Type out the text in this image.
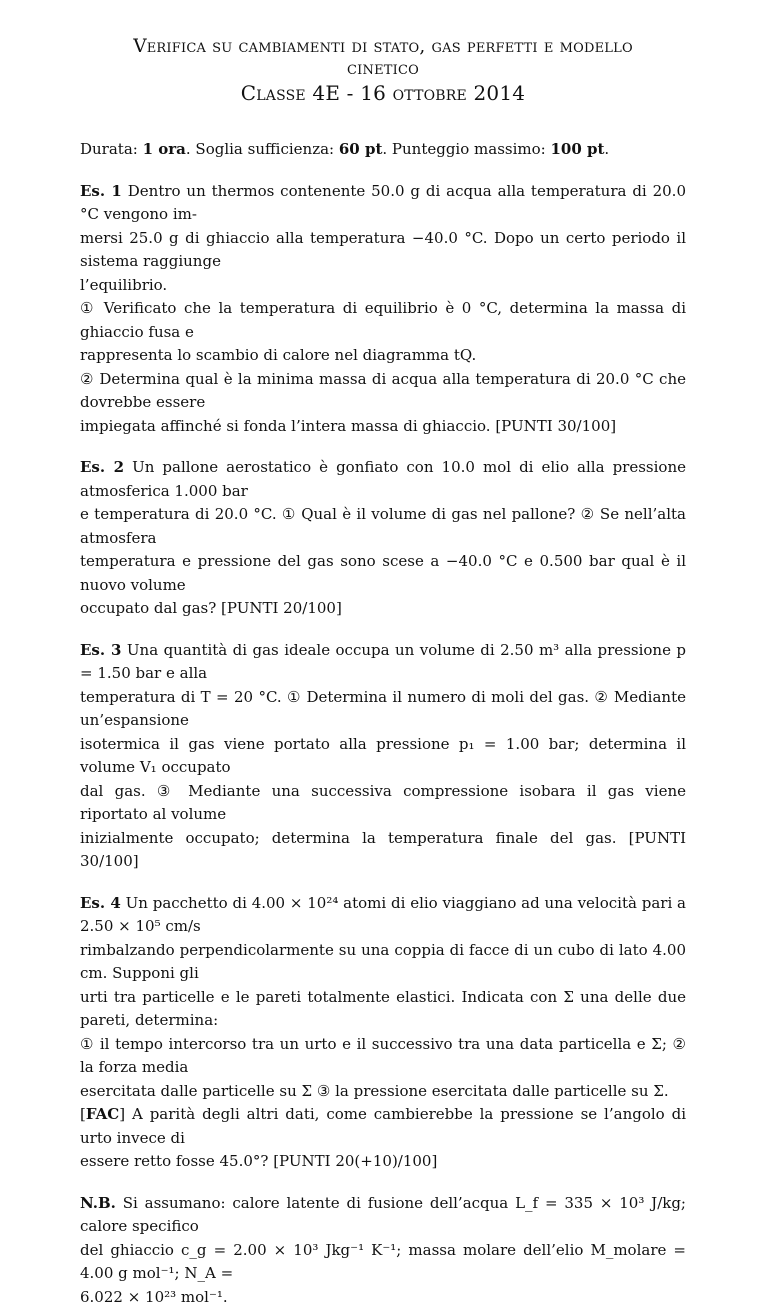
Verifica su cambiamenti di stato, gas perfetti e modello
cinetico
Classe 4E - 16 ottobre 2014
Durata: 1 ora. Soglia sufficienza: 60 pt. Punteggio massimo: 100 pt.
Es. 1 Dentro un thermos contenente 50.0 g di acqua alla temperatura di 20.0 °C vengono im-
mersi 25.0 g di ghiaccio alla temperatura −40.0 °C. Dopo un certo periodo il sistema raggiunge
l’equilibrio.
① Verificato che la temperatura di equilibrio è 0 °C, determina la massa di ghiaccio fusa e
rappresenta lo scambio di calore nel diagramma tQ.
② Determina qual è la minima massa di acqua alla temperatura di 20.0 °C che dovrebbe essere
impiegata affinché si fonda l’intera massa di ghiaccio. [PUNTI 30/100]
Es. 2 Un pallone aerostatico è gonfiato con 10.0 mol di elio alla pressione atmosferica 1.000 bar
e temperatura di 20.0 °C. ① Qual è il volume di gas nel pallone? ② Se nell’alta atmosfera
temperatura e pressione del gas sono scese a −40.0 °C e 0.500 bar qual è il nuovo volume
occupato dal gas? [PUNTI 20/100]
Es. 3 Una quantità di gas ideale occupa un volume di 2.50 m³ alla pressione p = 1.50 bar e alla
temperatura di T = 20 °C. ① Determina il numero di moli del gas. ② Mediante un’espansione
isotermica il gas viene portato alla pressione p₁ = 1.00 bar; determina il volume V₁ occupato
dal gas. ③ Mediante una successiva compressione isobara il gas viene riportato al volume
inizialmente occupato; determina la temperatura finale del gas. [PUNTI 30/100]
Es. 4 Un pacchetto di 4.00 × 10²⁴ atomi di elio viaggiano ad una velocità pari a 2.50 × 10⁵ cm/s
rimbalzando perpendicolarmente su una coppia di facce di un cubo di lato 4.00 cm. Supponi gli
urti tra particelle e le pareti totalmente elastici. Indicata con Σ una delle due pareti, determina:
① il tempo intercorso tra un urto e il successivo tra una data particella e Σ; ② la forza media
esercitata dalle particelle su Σ ③ la pressione esercitata dalle particelle su Σ.
[FAC] A parità degli altri dati, come cambierebbe la pressione se l’angolo di urto invece di
essere retto fosse 45.0°? [PUNTI 20(+10)/100]
N.B. Si assumano: calore latente di fusione dell’acqua L_f = 335 × 10³ J/kg; calore specifico
del ghiaccio c_g = 2.00 × 10³ Jkg⁻¹ K⁻¹; massa molare dell’elio M_molare = 4.00 g mol⁻¹; N_A =
6.022 × 10²³ mol⁻¹.
